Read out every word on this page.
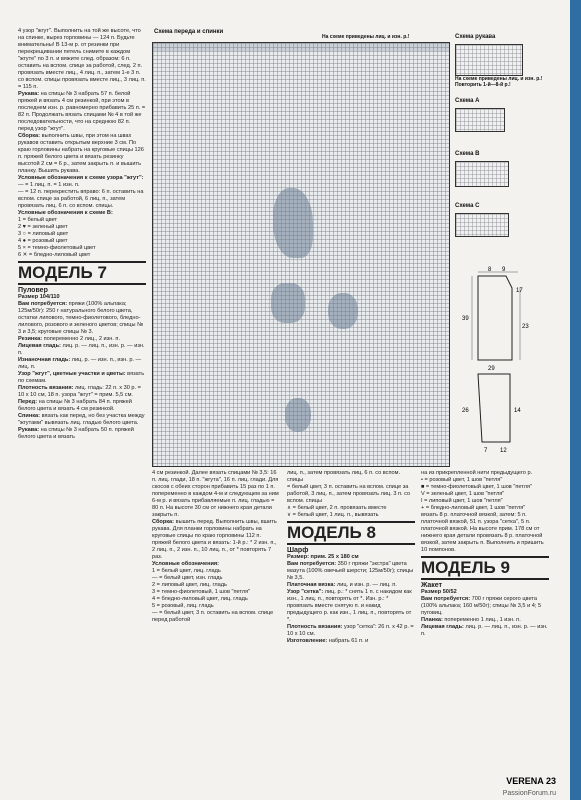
4 узор "жгут". Выполнить на той же высоте, что на спинке, вырез горловины — 124 п. Будьте внимательны! В 13-м р. от резинки при перекрещивании петель снимите в каждом "жгуте" по 3 п. и вяжите след. образом: 6 п. оставить на вспом. спице за работой, след. 2 п. провязать вместе лиц., 4 лиц. п., затем 1-е 3 п. со вспом. спицы провязать вместе лиц., 3 лиц. п. = 115 п.

Рукава: на спицы № 3 набрать 57 п. белой пряжей и вязать 4 см резинкой, при этом в последнем изн. р. равномерно прибавить 25 п. = 82 п. Продолжать вязать спицами № 4 в той же последовательности, что на среднюю 82 п. перед узор "жгут".

Сборка: выполнить швы, при этом на швах рукавов оставить открытым верхние 3 см. По краю горловины набрать на круговые спицы 126 п. пряжей белого цвета и вязать резинку высотой 2 см = 6 р., затем закрыть п. и вышить планку. Вышить рукава.

Условные обозначения к схеме узора "жгут":

— = 1 лиц. п. = 1 изн. п.

— = 12 п. перекрестить вправо: 6 п. оставить на вспом. спице за работой, 6 лиц. п., затем провязать лиц. 6 п. со вспом. спицы.

Условные обозначения к схеме B:

1 = белый цвет

2 ♥ = зеленый цвет

3 ○ = липовый цвет

4 ● = розовый цвет

5 × = темно-фиолетовый цвет

6 ✕ = бледно-лиловый цвет

МОДЕЛЬ 7

Пуловер

Размер 104/110

Вам потребуется: пряжи (100% альпака; 125м/50г): 250 г натурального белого цвета, остатки липового, темно-фиолетового, бледно-лилового, розового и зеленого цветов; спицы № 3 и 3,5; круговые спицы № 3.

Резинка: попеременно 2 лиц., 2 изн. п.

Лицевая гладь: лиц. р. — лиц. п., изн. р. — изн. п.

Изнаночная гладь: лиц. р. — изн. п., изн. р. — лиц. п.

Узор "жгут", цветные участки и цветы: вязать по схемам.

Плотность вязания: лиц. гладь: 22 п. х 30 р. = 10 х 10 см, 18 п. узора "жгут" = прим. 5,5 см.

Перед: на спицы № 3 набрать 84 п. пряжей белого цвета и вязать 4 см резинкой.

Спинка: вязать как перед, но без участка между "жгутами" вывязать лиц. гладью белого цвета.

Рукава: на спицы № 3 набрать 50 п. пряжей белого цвета и вязать

Схема переда и спинки
На схеме приведены лиц. и изн. р.!	Схема рукава
На схеме приведены лиц. и изн. р.! Повторить 1-й—8-й р.!
Схема A
Схема B
Схема C
8 9
17
39
23
29
26	14
7 12

4 см резинкой. Далее вязать спицами № 3,5: 16 п. лиц. глади, 18 п. "жгута", 16 п. лиц. глади. Для скосов с обеих сторон прибавить 15 раз по 1 п. попеременно в каждом 4-м и следующем за ним 6-м р. и вязать прибавляемые п. лиц. гладью = 80 п. На высоте 30 см от нижнего края детали закрыть п.

Сборка: вышить перед. Выполнить швы, вшить рукава. Для планки горловины набрать на круговые спицы по краю горловины 112 п. пряжей белого цвета и вязать: 1-й р.: * 2 изн. п., 2 лиц. п., 2 изн. п., 10 лиц. п., от * повторять 7 раз.

Условные обозначения:

1 = белый цвет, лиц. гладь

— = белый цвет, изн. гладь

2 = липовый цвет, лиц. гладь

3 = темно-фиолетовый, 1 шов "петля"

4 = бледно-лиловый цвет, лиц. гладь

5 = розовый, лиц. гладь

— = белый цвет, 3 п. оставить на вспом. спице перед работой

лиц. п., затем провязать лиц. 6 п. со вспом. спицы

= белый цвет, 3 п. оставить на вспом. спице за работой, 3 лиц. п., затем провязать лиц. 3 п. со вспом. спицы

∧ = белый цвет, 2 п. провязать вместе

∨ = белый цвет, 1 лиц. п., вывязать

МОДЕЛЬ 8

Шарф

Размер: прим. 25 х 180 см

Вам потребуется: 350 г пряжи "экстра" цвета мазута (100% овечьей шерсти; 125м/50г); спицы № 3,5.

Платочная вязка: лиц. и изн. р. — лиц. п.

Узор "сетка": лиц. р.: * снять 1 п. с накидом как изн., 1 лиц. п., повторять от *. Изн. р.: * провязать вместе снятую п. и накид предыдущего р. как изн., 1 лиц. п., повторять от *.

Плотность вязания: узор "сетка": 26 п. х 42 р. = 10 х 10 см.

Изготовление: набрать 61 п. и

на из прикрепленной нити предыдущего р.

• = розовый цвет, 1 шов "петля"

■ = темно-фиолетовый цвет, 1 шов "петля"

V = зеленый цвет, 1 шов "петля"

I = липовый цвет, 1 шов "петля"

+ = бледно-лиловый цвет, 1 шов "петля"

вязать 8 р. платочной вязкой, затем: 5 п. платочной вязкой, 51 п. узора "сетка", 5 п. платочной вязкой. На высоте прим. 178 см от нижнего края детали провязать 8 р. платочной вязкой, затем закрыть п. Выполнить и пришить 10 помпонов.

МОДЕЛЬ 9

Жакет

Размер 50/52

Вам потребуется: 700 г пряжи серого цвета (100% альпака; 160 м/50г); спицы № 3,5 и 4; 5 пуговиц.

Планка: попеременно 1 лиц., 1 изн. п.

Лицевая гладь: лиц. р. — лиц. п., изн. р. — изн. п.

VERENA 23
PassionForum.ru
